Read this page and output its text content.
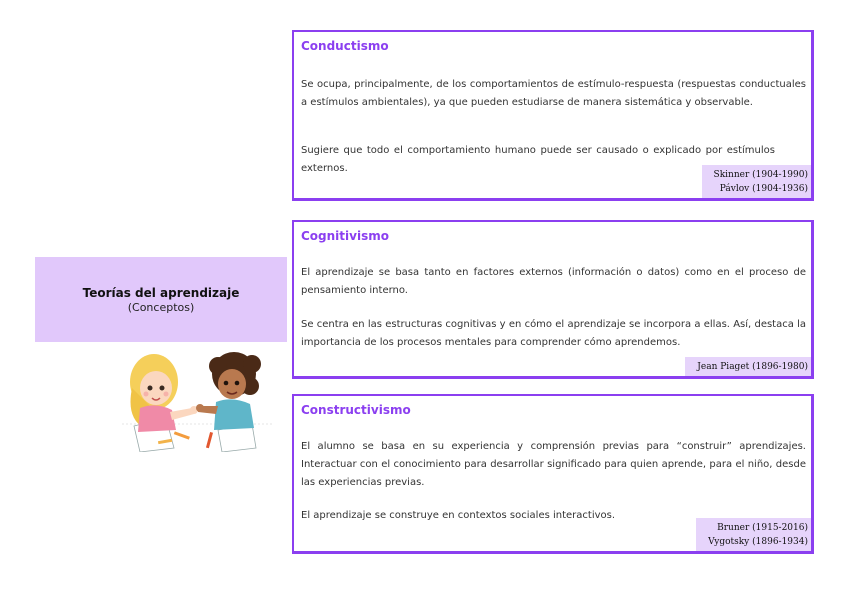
Teorías del aprendizaje
(Conceptos)
Conductismo

Se ocupa, principalmente, de los comportamientos de estímulo-respuesta (respuestas conductuales a estímulos ambientales), ya que pueden estudiarse de manera sistemática y observable.

Sugiere que todo el comportamiento humano puede ser causado o explicado por estímulos externos.

Skinner (1904-1990)
Pávlov (1904-1936)
Cognitivismo

El aprendizaje se basa tanto en factores externos (información o datos) como en el proceso de pensamiento interno.

Se centra en las estructuras cognitivas y en cómo el aprendizaje se incorpora a ellas. Así, destaca la importancia de los procesos mentales para comprender cómo aprendemos.

Jean Piaget (1896-1980)
Constructivismo

El alumno se basa en su experiencia y comprensión previas para “construir” aprendizajes. Interactuar con el conocimiento para desarrollar significado para quien aprende, para el niño, desde las experiencias previas.

El aprendizaje se construye en contextos sociales interactivos.

Bruner (1915-2016)
Vygotsky (1896-1934)
